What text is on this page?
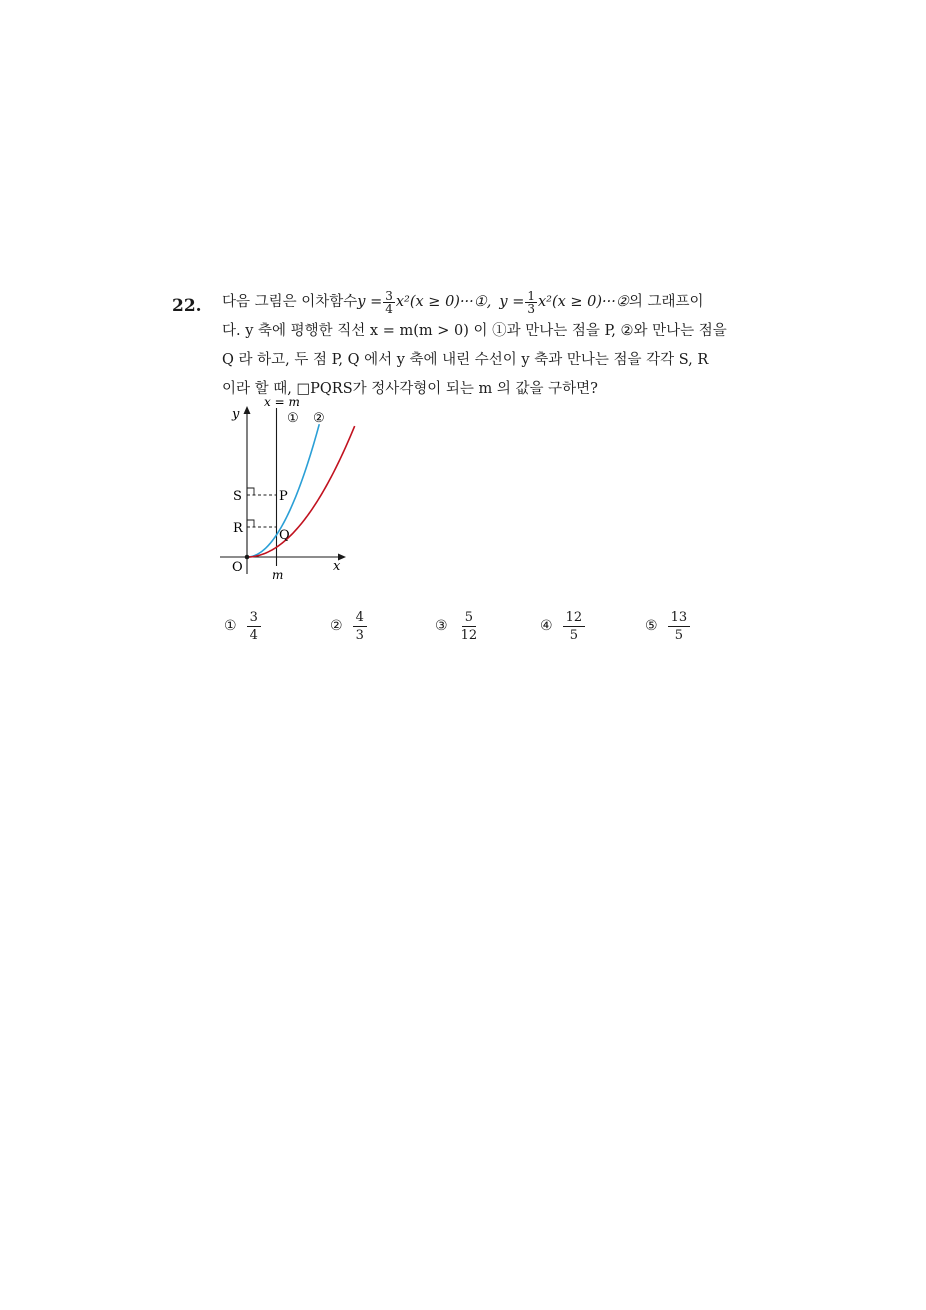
22. 다음 그림은 이차함수 $y = \frac{3}{4} x^2(x$ ≥ 0)···①, $y = \frac{1}{3} x^2(x$ ≥ 0)···② 의 그래프이
다. y 축에 평행한 직선 x = m(m > 0) 이 ①과 만나는 점을 P, ②와 만나는 점을
Q 라 하고, 두 점 P, Q 에서 y 축에 내린 수선이 y 축과 만나는 점을 각각 S, R
이라 할 때, □PQRS가 정사각형이 되는 m 의 값을 구하면?
x = m
① ②
y
x
O m
S	P
R	Q
① $\frac{3}{4}$	② $\frac{4}{3}$	③ $\frac{5}{12}$	④ $\frac{12}{5}$	⑤ $\frac{13}{5}$
